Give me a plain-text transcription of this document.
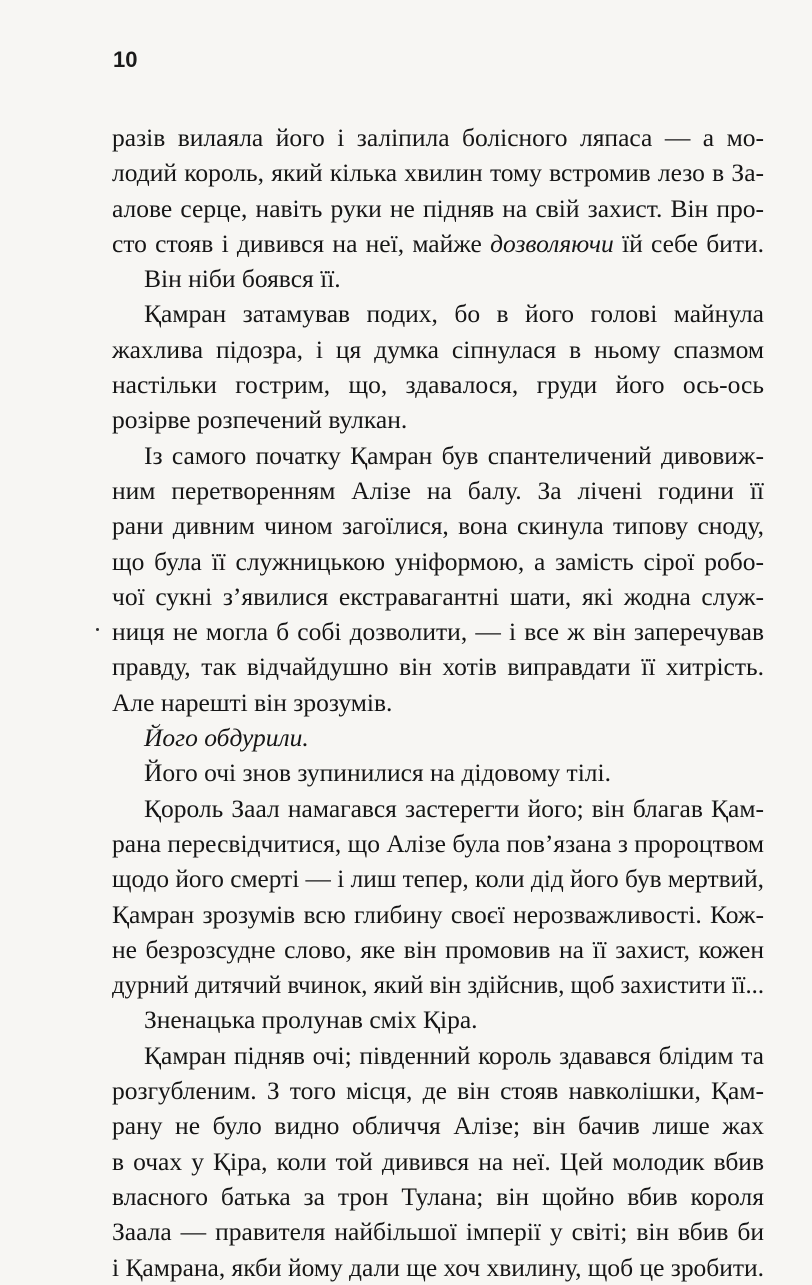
10
разів вилаяла його і заліпила болісного ляпаса — а мо-
лодий король, який кілька хвилин тому встромив лезо в За-
алове серце, навіть руки не підняв на свій захист. Він про-
сто стояв і дивився на неї, майже дозволяючи їй себе бити.
Він ніби боявся її.
Қамран затамував подих, бо в його голові майнула
жахлива підозра, і ця думка сіпнулася в ньому спазмом
настільки гострим, що, здавалося, груди його ось-ось
розірве розпечений вулкан.
Із самого початку Қамран був спантеличений дивовиж-
ним перетворенням Алізе на балу. За лічені години її
рани дивним чином загоїлися, вона скинула типову сноду,
що була її служницькою уніформою, а замість сірої робо-
чої сукні з’явилися екстравагантні шати, які жодна служ-
ниця не могла б собі дозволити, — і все ж він заперечував
правду, так відчайдушно він хотів виправдати її хитрість.
Але нарешті він зрозумів.
Його обдурили.
Його очі знов зупинилися на дідовому тілі.
Қороль Заал намагався застерегти його; він благав Қам-
рана пересвідчитися, що Алізе була пов’язана з пророцтвом
щодо його смерті — і лиш тепер, коли дід його був мертвий,
Қамран зрозумів всю глибину своєї нерозважливості. Кож-
не безрозсудне слово, яке він промовив на її захист, кожен
дурний дитячий вчинок, який він здійснив, щоб захистити її...
Зненацька пролунав сміх Қіра.
Қамран підняв очі; південний король здавався блідим та
розгубленим. З того місця, де він стояв навколішки, Қам-
рану не було видно обличчя Алізе; він бачив лише жах
в очах у Қіра, коли той дивився на неї. Цей молодик вбив
власного батька за трон Тулана; він щойно вбив короля
Заала — правителя найбільшої імперії у світі; він вбив би
і Қамрана, якби йому дали ще хоч хвилину, щоб це зробити.
